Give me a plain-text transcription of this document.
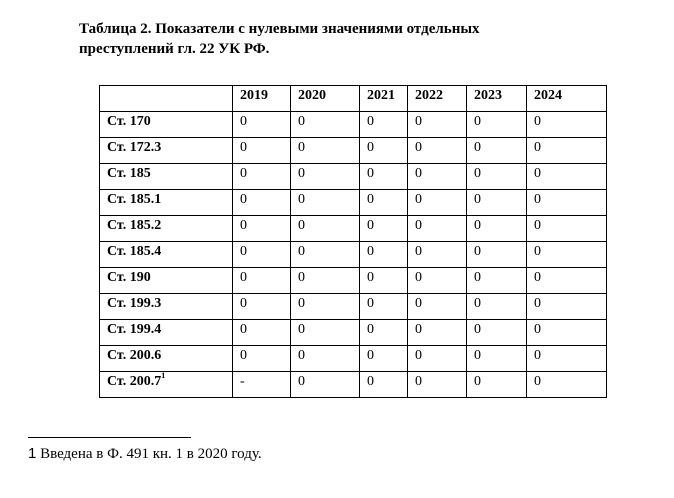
Таблица 2. Показатели с нулевыми значениями отдельных
преступлений гл. 22 УК РФ.

	2019	2020	2021	2022	2023	2024
Ст. 170	0	0	0	0	0	0
Ст. 172.3	0	0	0	0	0	0
Ст. 185	0	0	0	0	0	0
Ст. 185.1	0	0	0	0	0	0
Ст. 185.2	0	0	0	0	0	0
Ст. 185.4	0	0	0	0	0	0
Ст. 190	0	0	0	0	0	0
Ст. 199.3	0	0	0	0	0	0
Ст. 199.4	0	0	0	0	0	0
Ст. 200.6	0	0	0	0	0	0
Ст. 200.7$^1$	-	0	0	0	0	0
1 Введена в Ф. 491 кн. 1 в 2020 году.
